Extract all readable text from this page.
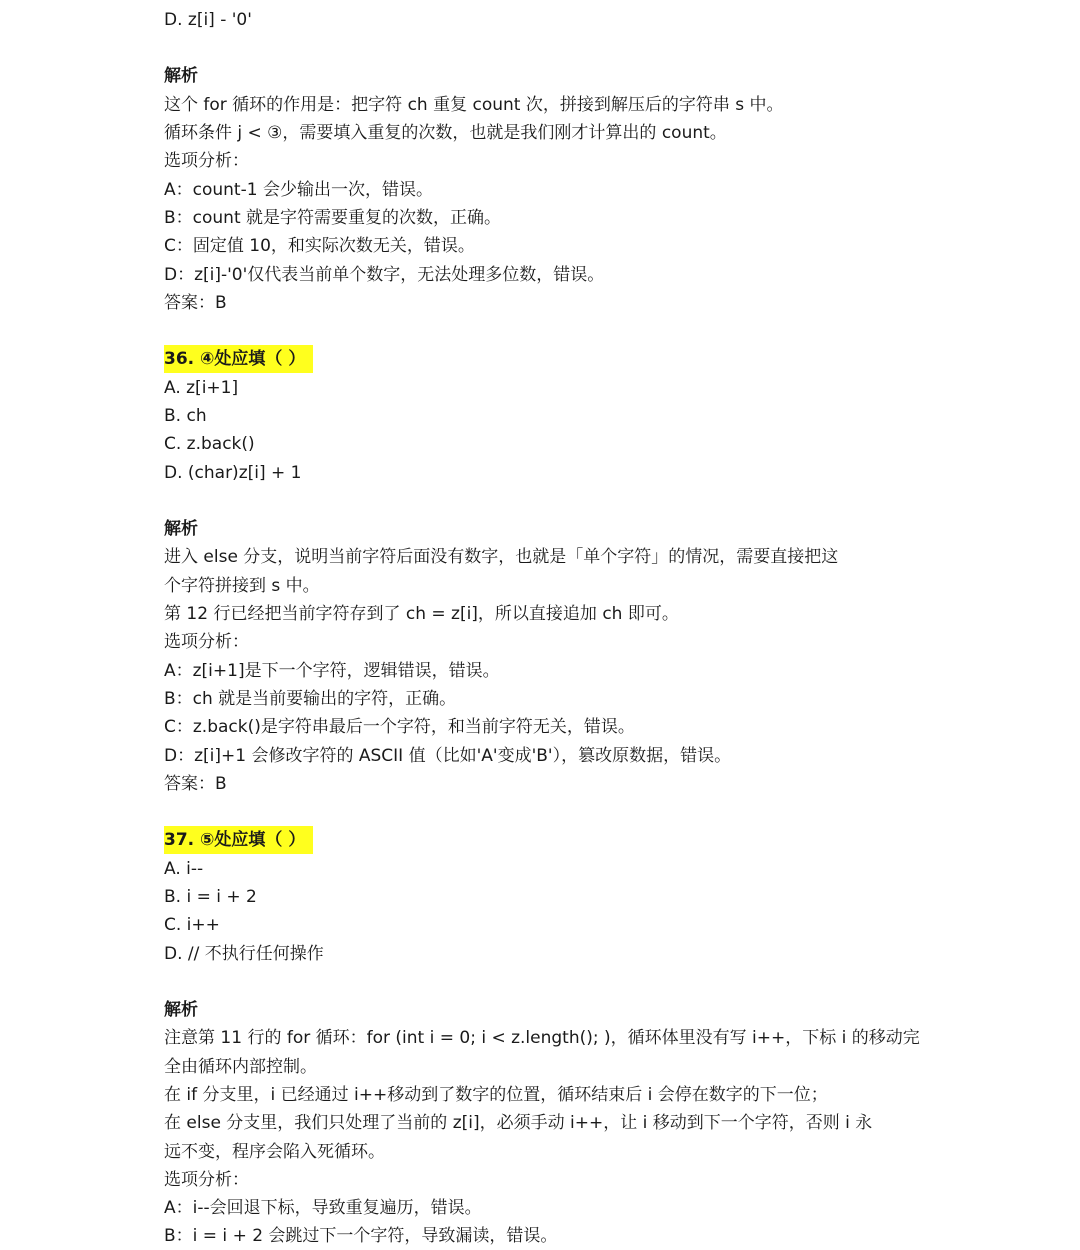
D. z[i] - '0'
解析
这个 for 循环的作用是：把字符 ch 重复 count 次，拼接到解压后的字符串 s 中。
循环条件 j < ③，需要填入重复的次数，也就是我们刚才计算出的 count。
选项分析：
A：count-1 会少输出一次，错误。
B：count 就是字符需要重复的次数，正确。
C：固定值 10，和实际次数无关，错误。
D：z[i]-'0'仅代表当前单个数字，无法处理多位数，错误。
答案：B
36. ④处应填（ ）
A. z[i+1]
B. ch
C. z.back()
D. (char)z[i] + 1
解析
进入 else 分支，说明当前字符后面没有数字，也就是「单个字符」的情况，需要直接把这
个字符拼接到 s 中。
第 12 行已经把当前字符存到了 ch = z[i]，所以直接追加 ch 即可。
选项分析：
A：z[i+1]是下一个字符，逻辑错误，错误。
B：ch 就是当前要输出的字符，正确。
C：z.back()是字符串最后一个字符，和当前字符无关，错误。
D：z[i]+1 会修改字符的 ASCII 值（比如'A'变成'B'），篡改原数据，错误。
答案：B
37. ⑤处应填（ ）
A. i--
B. i = i + 2
C. i++
D. // 不执行任何操作
解析
注意第 11 行的 for 循环：for (int i = 0; i < z.length(); )，循环体里没有写 i++，下标 i 的移动完
全由循环内部控制。
在 if 分支里，i 已经通过 i++移动到了数字的位置，循环结束后 i 会停在数字的下一位；
在 else 分支里，我们只处理了当前的 z[i]，必须手动 i++，让 i 移动到下一个字符，否则 i 永
远不变，程序会陷入死循环。
选项分析：
A：i--会回退下标，导致重复遍历，错误。
B：i = i + 2 会跳过下一个字符，导致漏读，错误。
